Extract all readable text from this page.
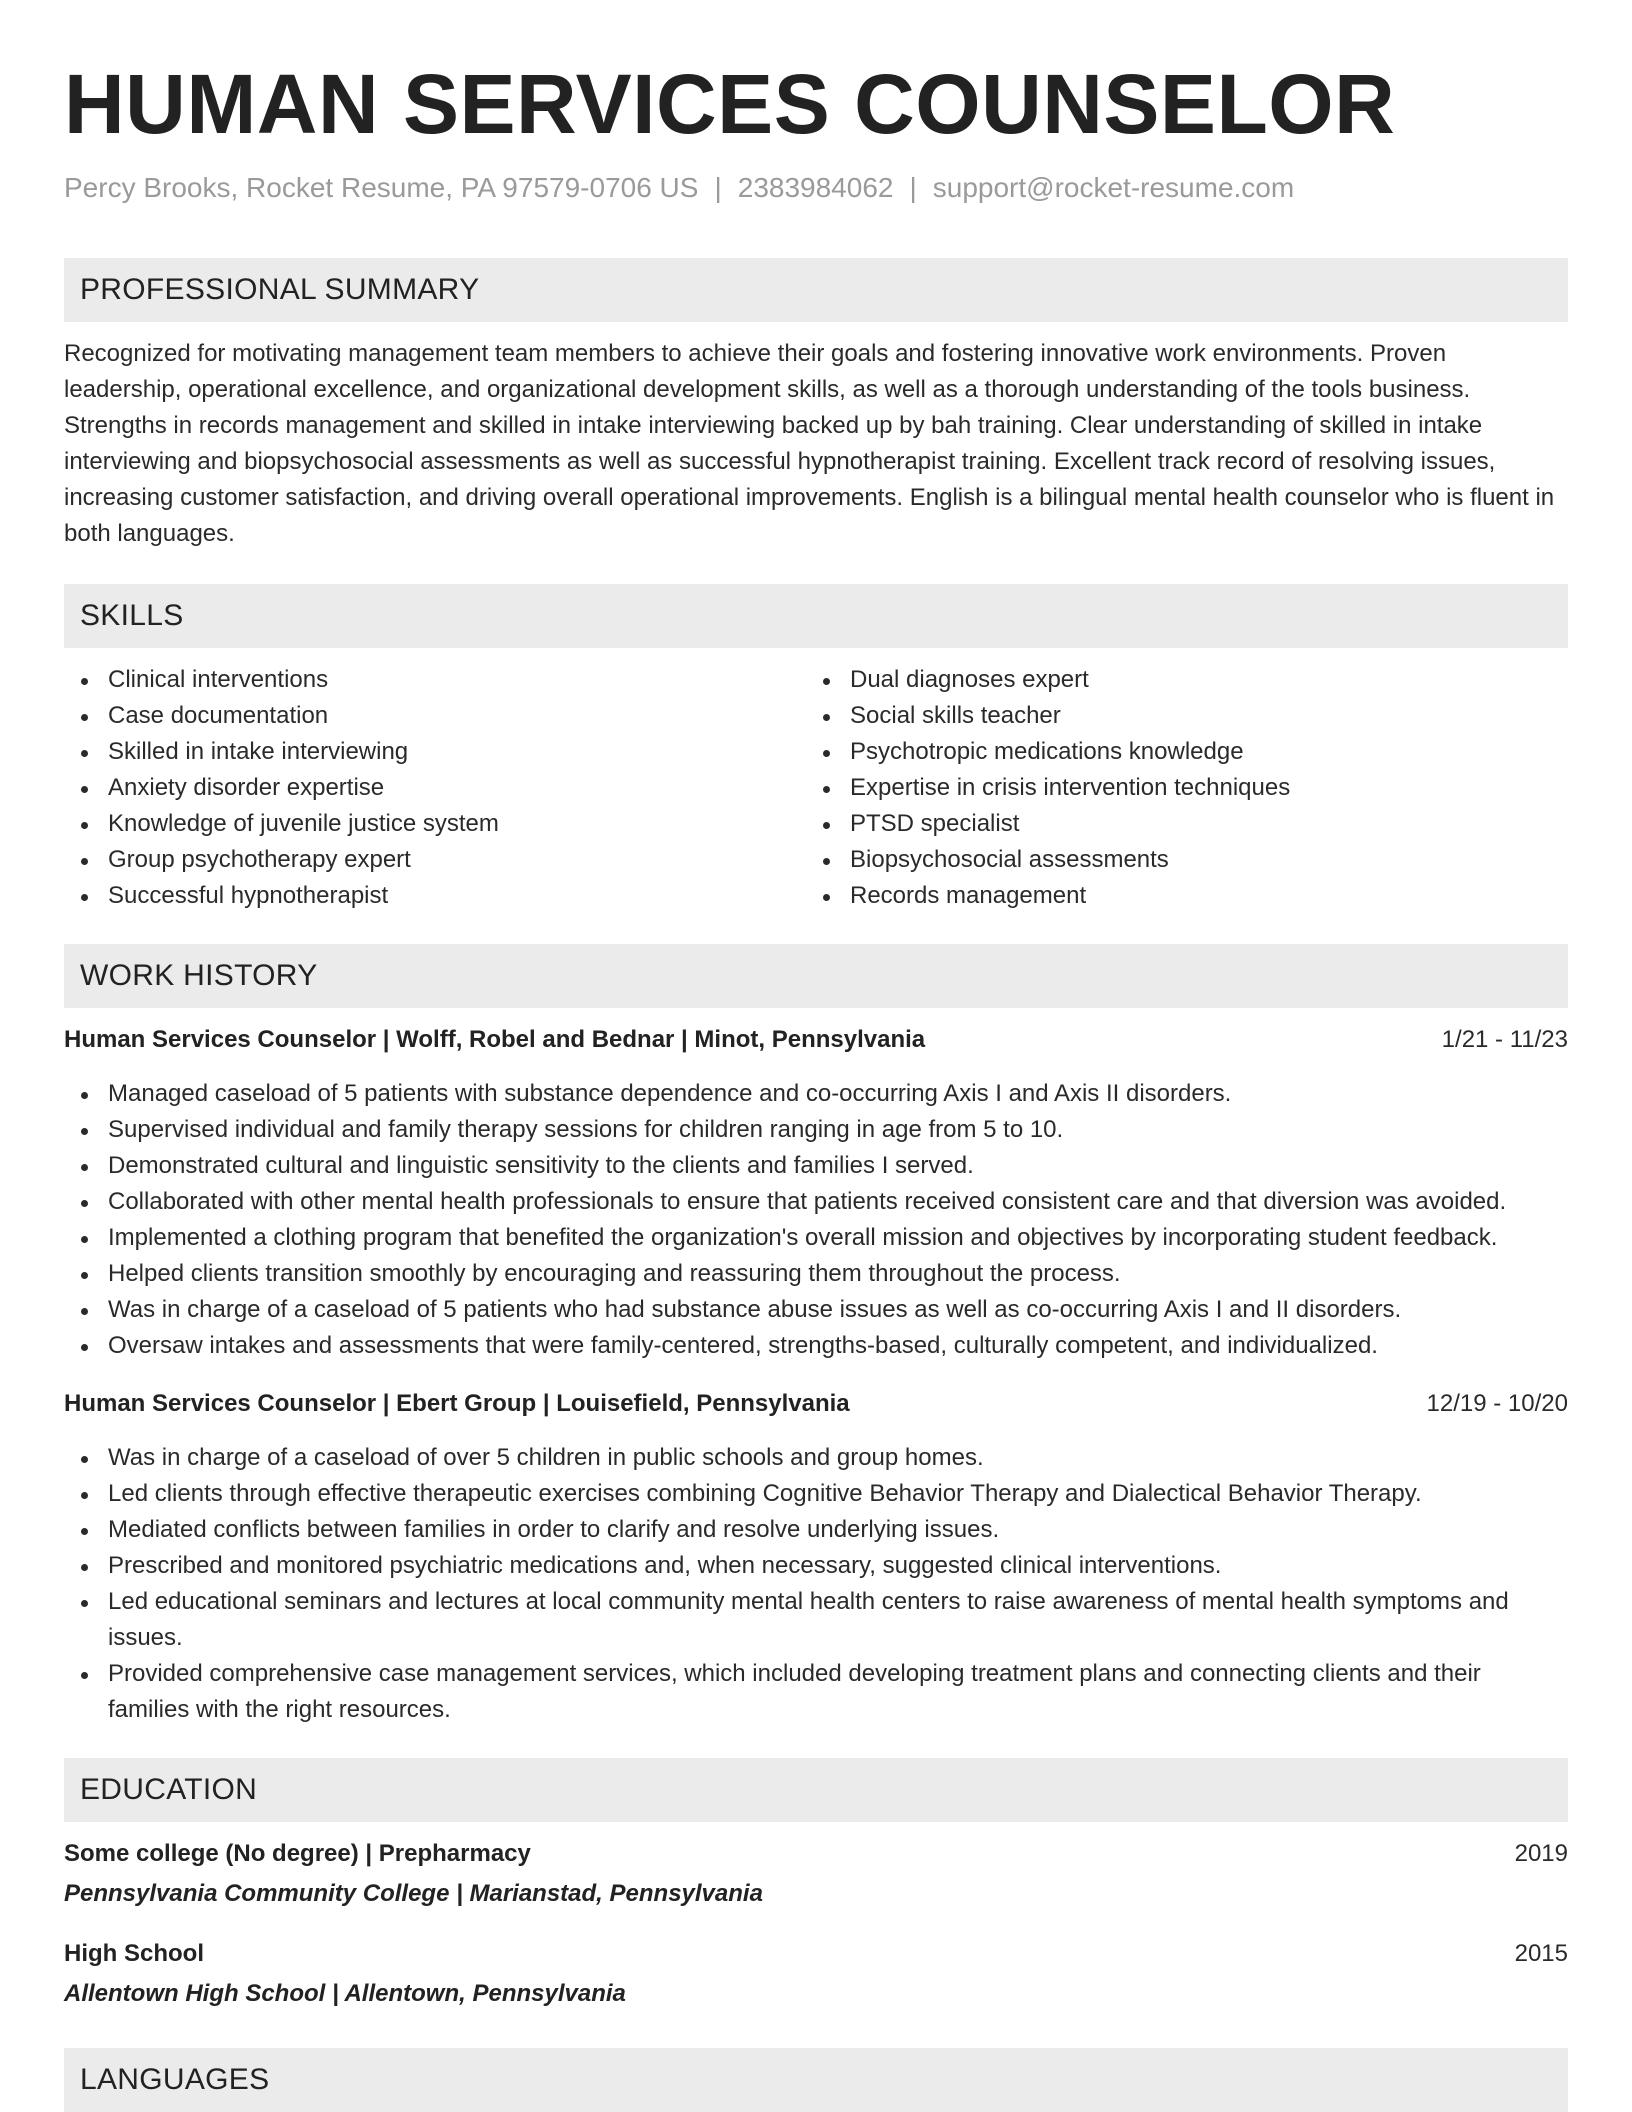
HUMAN SERVICES COUNSELOR
Percy Brooks, Rocket Resume, PA 97579-0706 US | 2383984062 | support@rocket-resume.com
PROFESSIONAL SUMMARY

Recognized for motivating management team members to achieve their goals and fostering innovative work environments. Proven leadership, operational excellence, and organizational development skills, as well as a thorough understanding of the tools business. Strengths in records management and skilled in intake interviewing backed up by bah training. Clear understanding of skilled in intake interviewing and biopsychosocial assessments as well as successful hypnotherapist training. Excellent track record of resolving issues, increasing customer satisfaction, and driving overall operational improvements. English is a bilingual mental health counselor who is fluent in both languages.

SKILLS
Clinical interventions
Case documentation
Skilled in intake interviewing
Anxiety disorder expertise
Knowledge of juvenile justice system
Group psychotherapy expert
Successful hypnotherapist
Dual diagnoses expert
Social skills teacher
Psychotropic medications knowledge
Expertise in crisis intervention techniques
PTSD specialist
Biopsychosocial assessments
Records management
WORK HISTORY
Human Services Counselor | Wolff, Robel and Bednar | Minot, Pennsylvania	1/21 - 11/23
Managed caseload of 5 patients with substance dependence and co-occurring Axis I and Axis II disorders.
Supervised individual and family therapy sessions for children ranging in age from 5 to 10.
Demonstrated cultural and linguistic sensitivity to the clients and families I served.
Collaborated with other mental health professionals to ensure that patients received consistent care and that diversion was avoided.
Implemented a clothing program that benefited the organization's overall mission and objectives by incorporating student feedback.
Helped clients transition smoothly by encouraging and reassuring them throughout the process.
Was in charge of a caseload of 5 patients who had substance abuse issues as well as co-occurring Axis I and II disorders.
Oversaw intakes and assessments that were family-centered, strengths-based, culturally competent, and individualized.
Human Services Counselor | Ebert Group | Louisefield, Pennsylvania	12/19 - 10/20
Was in charge of a caseload of over 5 children in public schools and group homes.
Led clients through effective therapeutic exercises combining Cognitive Behavior Therapy and Dialectical Behavior Therapy.
Mediated conflicts between families in order to clarify and resolve underlying issues.
Prescribed and monitored psychiatric medications and, when necessary, suggested clinical interventions.
Led educational seminars and lectures at local community mental health centers to raise awareness of mental health symptoms and issues.
Provided comprehensive case management services, which included developing treatment plans and connecting clients and their families with the right resources.
EDUCATION
Some college (No degree) | Prepharmacy	2019
Pennsylvania Community College | Marianstad, Pennsylvania
High School	2015
Allentown High School | Allentown, Pennsylvania
LANGUAGES
